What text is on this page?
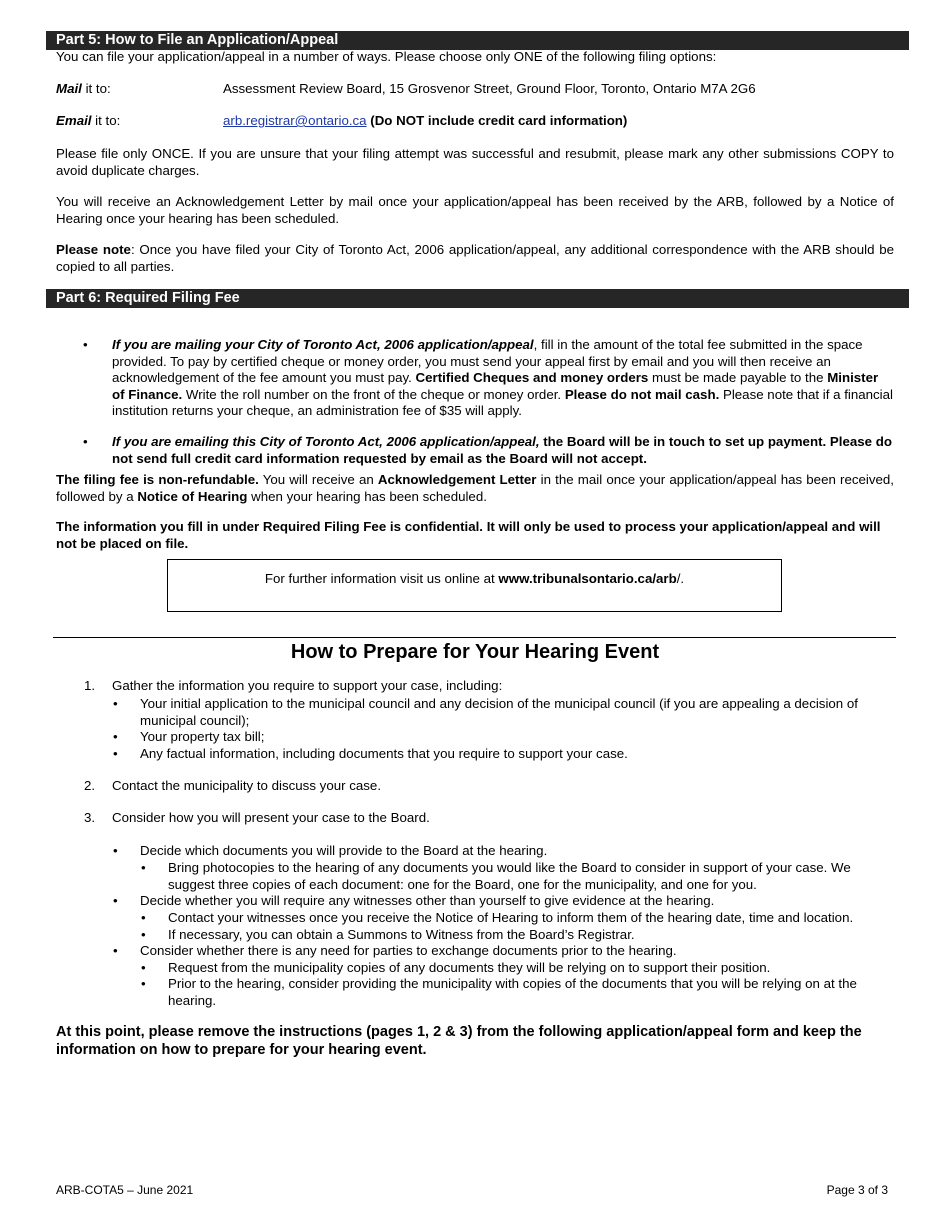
Part 5: How to File an Application/Appeal

You can file your application/appeal in a number of ways. Please choose only ONE of the following filing options:

Mail it to:	Assessment Review Board, 15 Grosvenor Street, Ground Floor, Toronto, Ontario M7A 2G6
Email it to:	arb.registrar@ontario.ca (Do NOT include credit card information)

Please file only ONCE. If you are unsure that your filing attempt was successful and resubmit, please mark any other submissions COPY to avoid duplicate charges.

You will receive an Acknowledgement Letter by mail once your application/appeal has been received by the ARB, followed by a Notice of Hearing once your hearing has been scheduled.

Please note: Once you have filed your City of Toronto Act, 2006 application/appeal, any additional correspondence with the ARB should be copied to all parties.

Part 6: Required Filing Fee
• If you are mailing your City of Toronto Act, 2006 application/appeal, fill in the amount of the total fee submitted in the space provided. To pay by certified cheque or money order, you must send your appeal first by email and you will then receive an acknowledgement of the fee amount you must pay. Certified Cheques and money orders must be made payable to the Minister of Finance. Write the roll number on the front of the cheque or money order. Please do not mail cash. Please note that if a financial institution returns your cheque, an administration fee of $35 will apply.
• If you are emailing this City of Toronto Act, 2006 application/appeal, the Board will be in touch to set up payment. Please do not send full credit card information requested by email as the Board will not accept.

The filing fee is non-refundable. You will receive an Acknowledgement Letter in the mail once your application/appeal has been received, followed by a Notice of Hearing when your hearing has been scheduled.

The information you fill in under Required Filing Fee is confidential. It will only be used to process your application/appeal and will not be placed on file.

For further information visit us online at www.tribunalsontario.ca/arb/.
How to Prepare for Your Hearing Event
1. Gather the information you require to support your case, including:
• Your initial application to the municipal council and any decision of the municipal council (if you are appealing a decision of municipal council);
• Your property tax bill;
• Any factual information, including documents that you require to support your case.
2. Contact the municipality to discuss your case.
3. Consider how you will present your case to the Board.
• Decide which documents you will provide to the Board at the hearing.
• Bring photocopies to the hearing of any documents you would like the Board to consider in support of your case. We suggest three copies of each document: one for the Board, one for the municipality, and one for you.
• Decide whether you will require any witnesses other than yourself to give evidence at the hearing.
• Contact your witnesses once you receive the Notice of Hearing to inform them of the hearing date, time and location.
• If necessary, you can obtain a Summons to Witness from the Board’s Registrar.
• Consider whether there is any need for parties to exchange documents prior to the hearing.
• Request from the municipality copies of any documents they will be relying on to support their position.
• Prior to the hearing, consider providing the municipality with copies of the documents that you will be relying on at the hearing.
At this point, please remove the instructions (pages 1, 2 & 3) from the following application/appeal form and keep the information on how to prepare for your hearing event.
ARB-COTA5 – June 2021	Page 3 of 3
